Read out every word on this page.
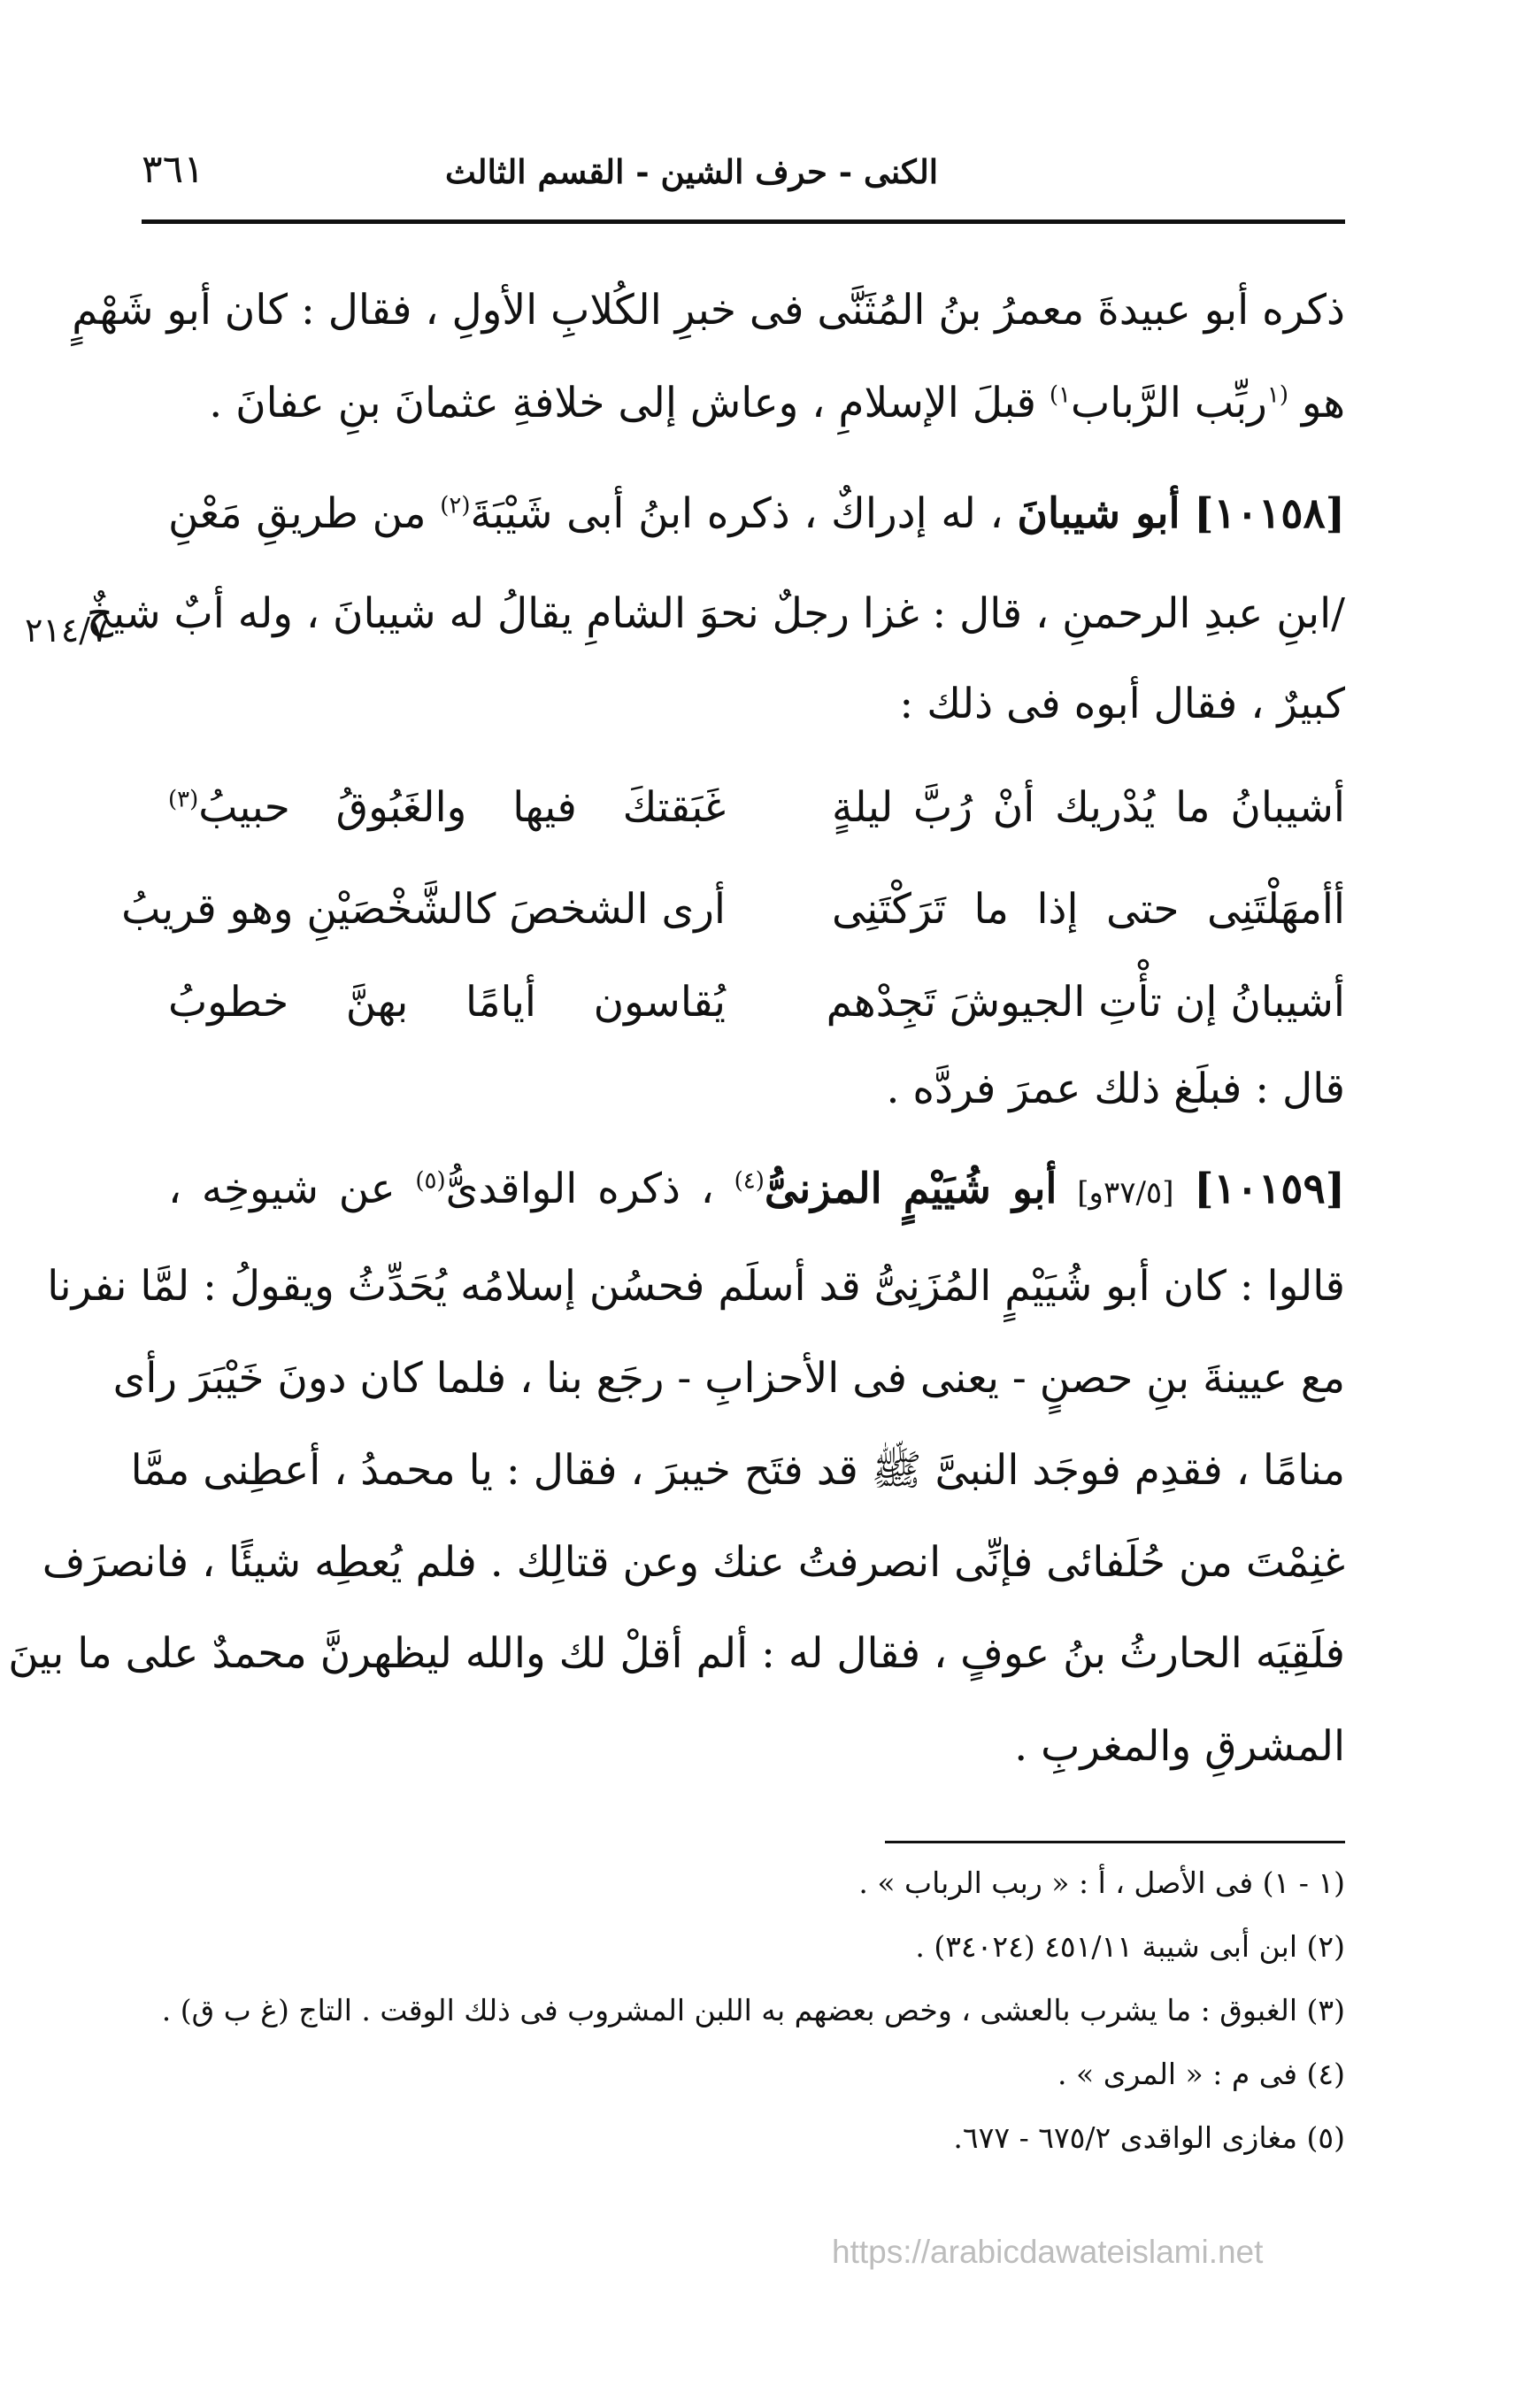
الكنى - حرف الشين - القسم الثالث
٣٦١
ذكره أبو عبيدةَ معمرُ بنُ المُثَنَّى فى خبرِ الكُلابِ الأولِ ، فقال : كان أبو شَهْمٍ
هو $^{(١}$ربِّب الرَّباب$^{١)}$ قبلَ الإسلامِ ، وعاش إلى خلافةِ عثمانَ بنِ عفانَ .
[١٠١٥٨] أبو شيبانَ ، له إدراكٌ ، ذكره ابنُ أبى شَيْبَةَ$^{(٢)}$ من طريقِ مَعْنِ
/ابنِ عبدِ الرحمنِ ، قال : غزا رجلٌ نحوَ الشامِ يقالُ له شيبانَ ، وله أبٌ شيخٌ
٢١٤/٧
كبيرٌ ، فقال أبوه فى ذلك :
أشيبانُ ما يُدْريك أنْ رُبَّ ليلةٍ
غَبَقتكَ فيها والغَبُوقُ حبيبُ$^{(٣)}$
أأمهَلْتَنِى حتى إذا ما تَرَكْتَنِى
أرى الشخصَ كالشَّخْصَيْنِ وهو قريبُ
أشيبانُ إن تأْتِ الجيوشَ تَجِدْهم
يُقاسون أيامًا بهنَّ خطوبُ
قال : فبلَغ ذلك عمرَ فردَّه .
[١٠١٥٩] [٣٧/٥و] أبو شُيَيْمٍ المزنىُّ$^{(٤)}$ ، ذكره الواقدىُّ$^{(٥)}$ عن شيوخِه ،
قالوا : كان أبو شُيَيْمٍ المُزَنِىُّ قد أسلَم فحسُن إسلامُه يُحَدِّثُ ويقولُ : لمَّا نفرنا
مع عيينةَ بنِ حصنٍ - يعنى فى الأحزابِ - رجَع بنا ، فلما كان دونَ خَيْبَرَ رأى
منامًا ، فقدِم فوجَد النبىَّ ﷺ قد فتَح خيبرَ ، فقال : يا محمدُ ، أعطِنى ممَّا
غنِمْتَ من حُلَفائى فإنِّى انصرفتُ عنك وعن قتالِك . فلم يُعطِه شيئًا ، فانصرَف
فلَقِيَه الحارثُ بنُ عوفٍ ، فقال له : ألم أقلْ لك والله ليظهرنَّ محمدٌ على ما بينَ
المشرقِ والمغربِ .
(١ - ١) فى الأصل ، أ : « ربب الرباب » .
(٢) ابن أبى شيبة ٤٥١/١١ (٣٤٠٢٤) .
(٣) الغبوق : ما يشرب بالعشى ، وخص بعضهم به اللبن المشروب فى ذلك الوقت . التاج (غ ب ق) .
(٤) فى م : « المرى » .
(٥) مغازى الواقدى ٦٧٥/٢ - ٦٧٧.
https://arabicdawateislami.net
